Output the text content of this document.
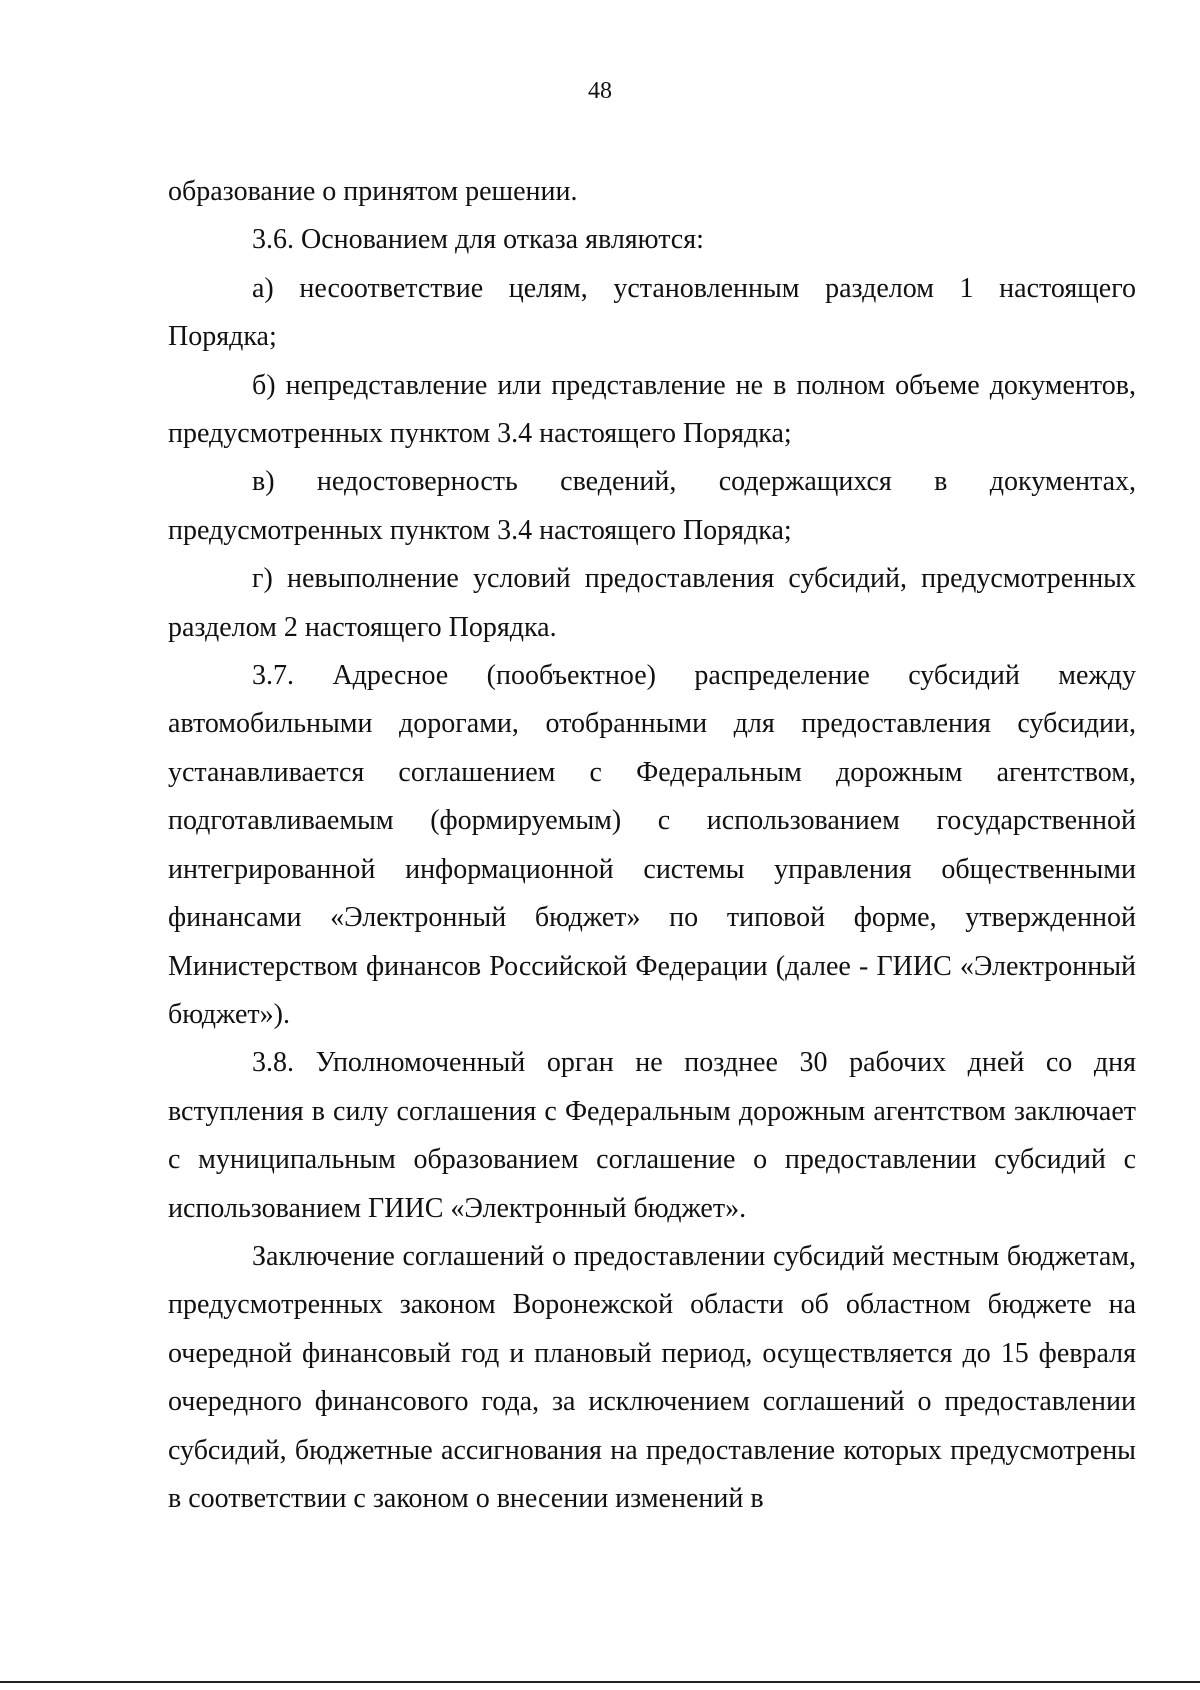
48

образование о принятом решении.

3.6. Основанием для отказа являются:

а) несоответствие целям, установленным разделом 1 настоящего Порядка;

б) непредставление или представление не в полном объеме документов, предусмотренных пунктом 3.4 настоящего Порядка;

в) недостоверность сведений, содержащихся в документах, предусмотренных пунктом 3.4 настоящего Порядка;

г) невыполнение условий предоставления субсидий, предусмотренных разделом 2 настоящего Порядка.

3.7. Адресное (пообъектное) распределение субсидий между автомобильными дорогами, отобранными для предоставления субсидии, устанавливается соглашением с Федеральным дорожным агентством, подготавливаемым (формируемым) с использованием государственной интегрированной информационной системы управления общественными финансами «Электронный бюджет» по типовой форме, утвержденной Министерством финансов Российской Федерации (далее - ГИИС «Электронный бюджет»).

3.8. Уполномоченный орган не позднее 30 рабочих дней со дня вступления в силу соглашения с Федеральным дорожным агентством заключает с муниципальным образованием соглашение о предоставлении субсидий с использованием ГИИС «Электронный бюджет».

Заключение соглашений о предоставлении субсидий местным бюджетам, предусмотренных законом Воронежской области об областном бюджете на очередной финансовый год и плановый период, осуществляется до 15 февраля очередного финансового года, за исключением соглашений о предоставлении субсидий, бюджетные ассигнования на предоставление которых предусмотрены в соответствии с законом о внесении изменений в
